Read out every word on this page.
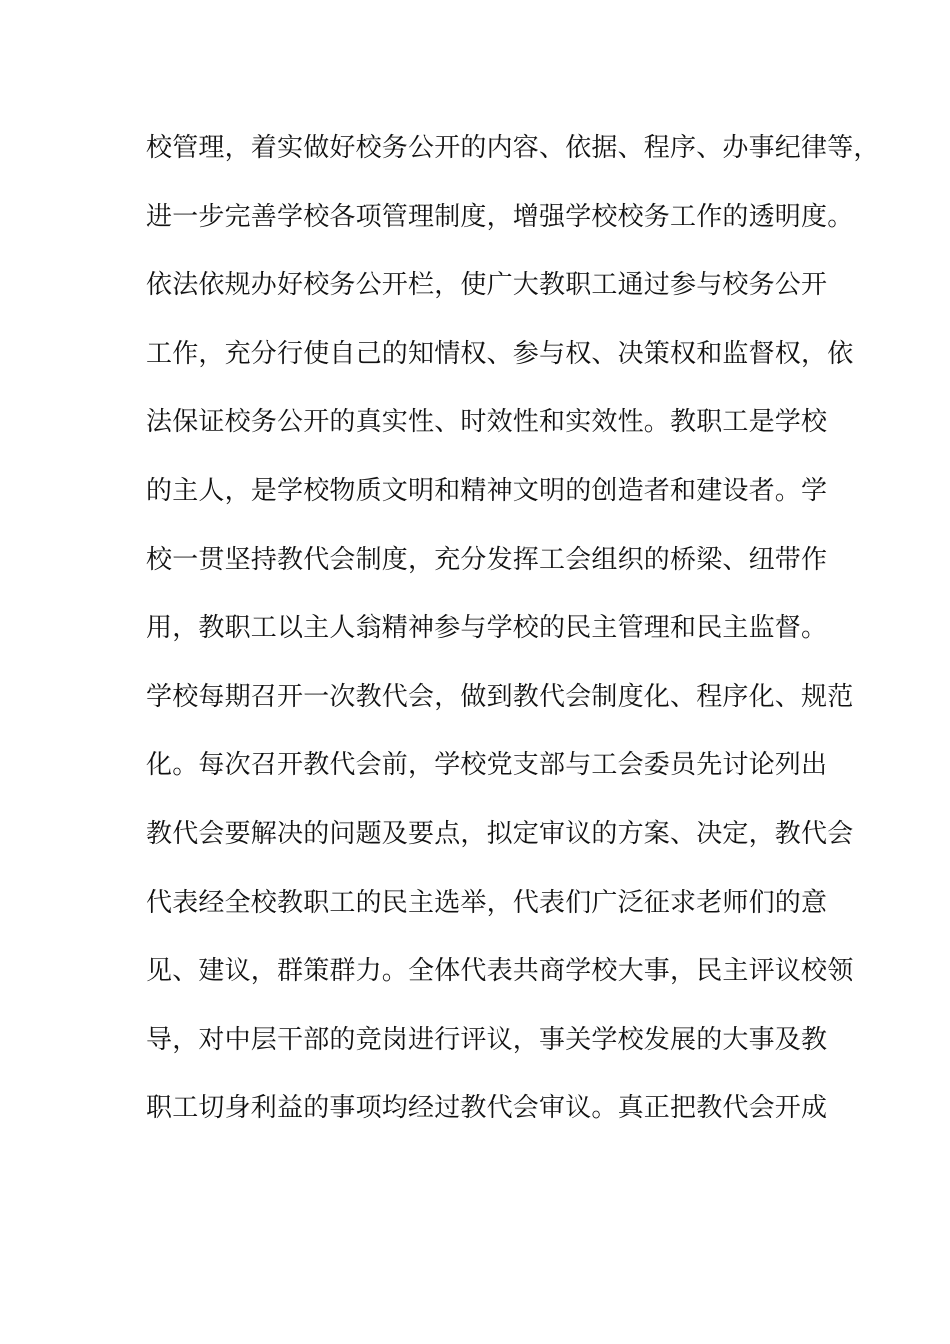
校管理，着实做好校务公开的内容、依据、程序、办事纪律等，
进一步完善学校各项管理制度，增强学校校务工作的透明度。
依法依规办好校务公开栏，使广大教职工通过参与校务公开
工作，充分行使自己的知情权、参与权、决策权和监督权，依
法保证校务公开的真实性、时效性和实效性。教职工是学校
的主人，是学校物质文明和精神文明的创造者和建设者。学
校一贯坚持教代会制度，充分发挥工会组织的桥梁、纽带作
用，教职工以主人翁精神参与学校的民主管理和民主监督。
学校每期召开一次教代会，做到教代会制度化、程序化、规范
化。每次召开教代会前，学校党支部与工会委员先讨论列出
教代会要解决的问题及要点，拟定审议的方案、决定，教代会
代表经全校教职工的民主选举，代表们广泛征求老师们的意
见、建议，群策群力。全体代表共商学校大事，民主评议校领
导，对中层干部的竞岗进行评议，事关学校发展的大事及教
职工切身利益的事项均经过教代会审议。真正把教代会开成
